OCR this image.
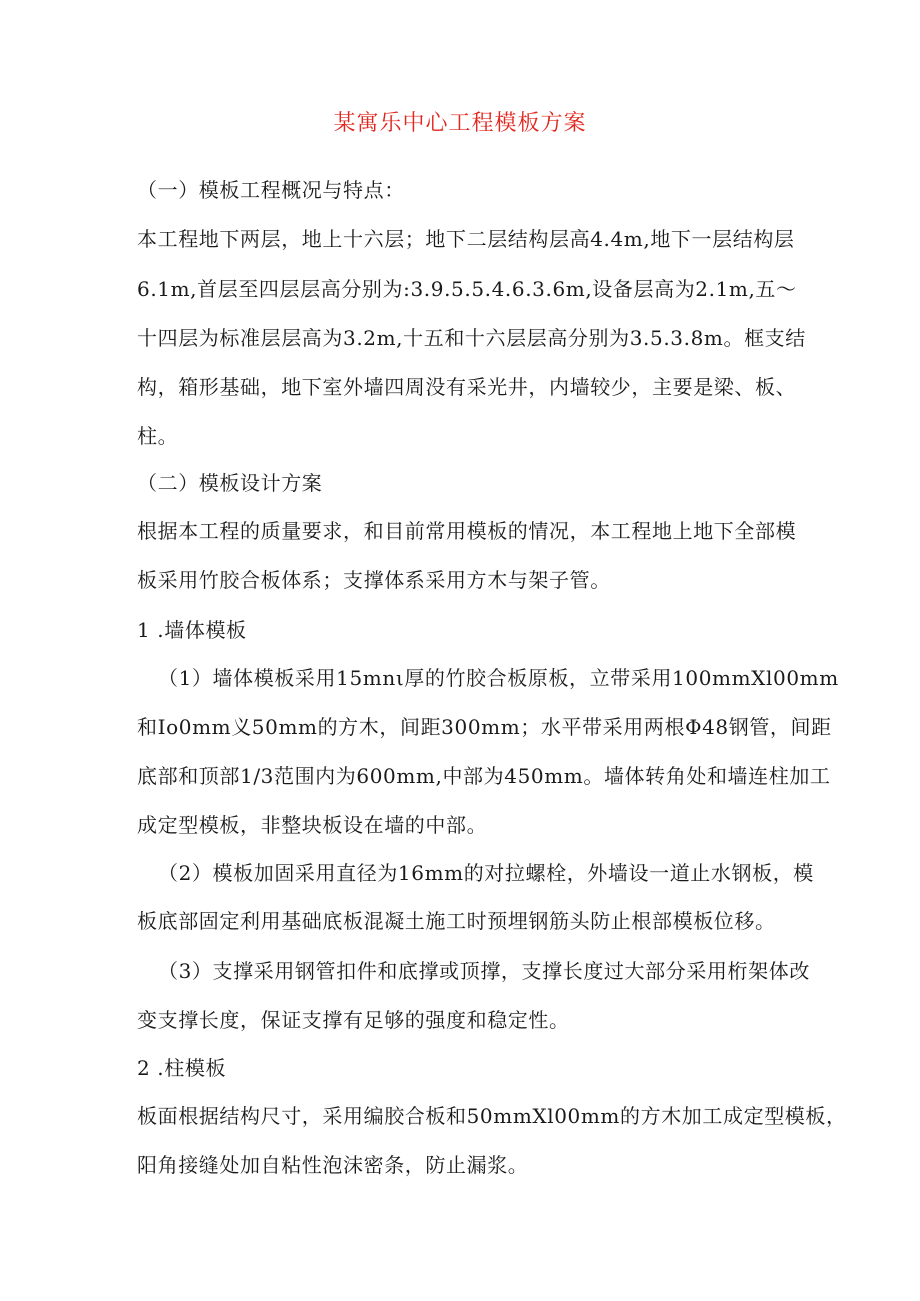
某寓乐中心工程模板方案
（一）模板工程概况与特点：
本工程地下两层，地上十六层；地下二层结构层高4.4m,地下一层结构层
6.1m,首层至四层层高分别为:3.9.5.5.4.6.3.6m,设备层高为2.1m,五～
十四层为标准层层高为3.2m,十五和十六层层高分别为3.5.3.8m。框支结
构，箱形基础，地下室外墙四周没有采光井，内墙较少，主要是梁、板、
柱。
（二）模板设计方案
根据本工程的质量要求，和目前常用模板的情况，本工程地上地下全部模
板采用竹胶合板体系；支撑体系采用方木与架子管。
1 .墙体模板
（1）墙体模板采用15mnι厚的竹胶合板原板，立带采用100mmXl00mm
和Io0mm义50mm的方木，间距300mm；水平带采用两根Φ48钢管，间距
底部和顶部1/3范围内为600mm,中部为450mm。墙体转角处和墙连柱加工
成定型模板，非整块板设在墙的中部。
（2）模板加固采用直径为16mm的对拉螺栓，外墙设一道止水钢板，模
板底部固定利用基础底板混凝土施工时预埋钢筋头防止根部模板位移。
（3）支撑采用钢管扣件和底撑或顶撑，支撑长度过大部分采用桁架体改
变支撑长度，保证支撑有足够的强度和稳定性。
2 .柱模板
板面根据结构尺寸，采用编胶合板和50mmXl00mm的方木加工成定型模板，
阳角接缝处加自粘性泡沫密条，防止漏浆。
